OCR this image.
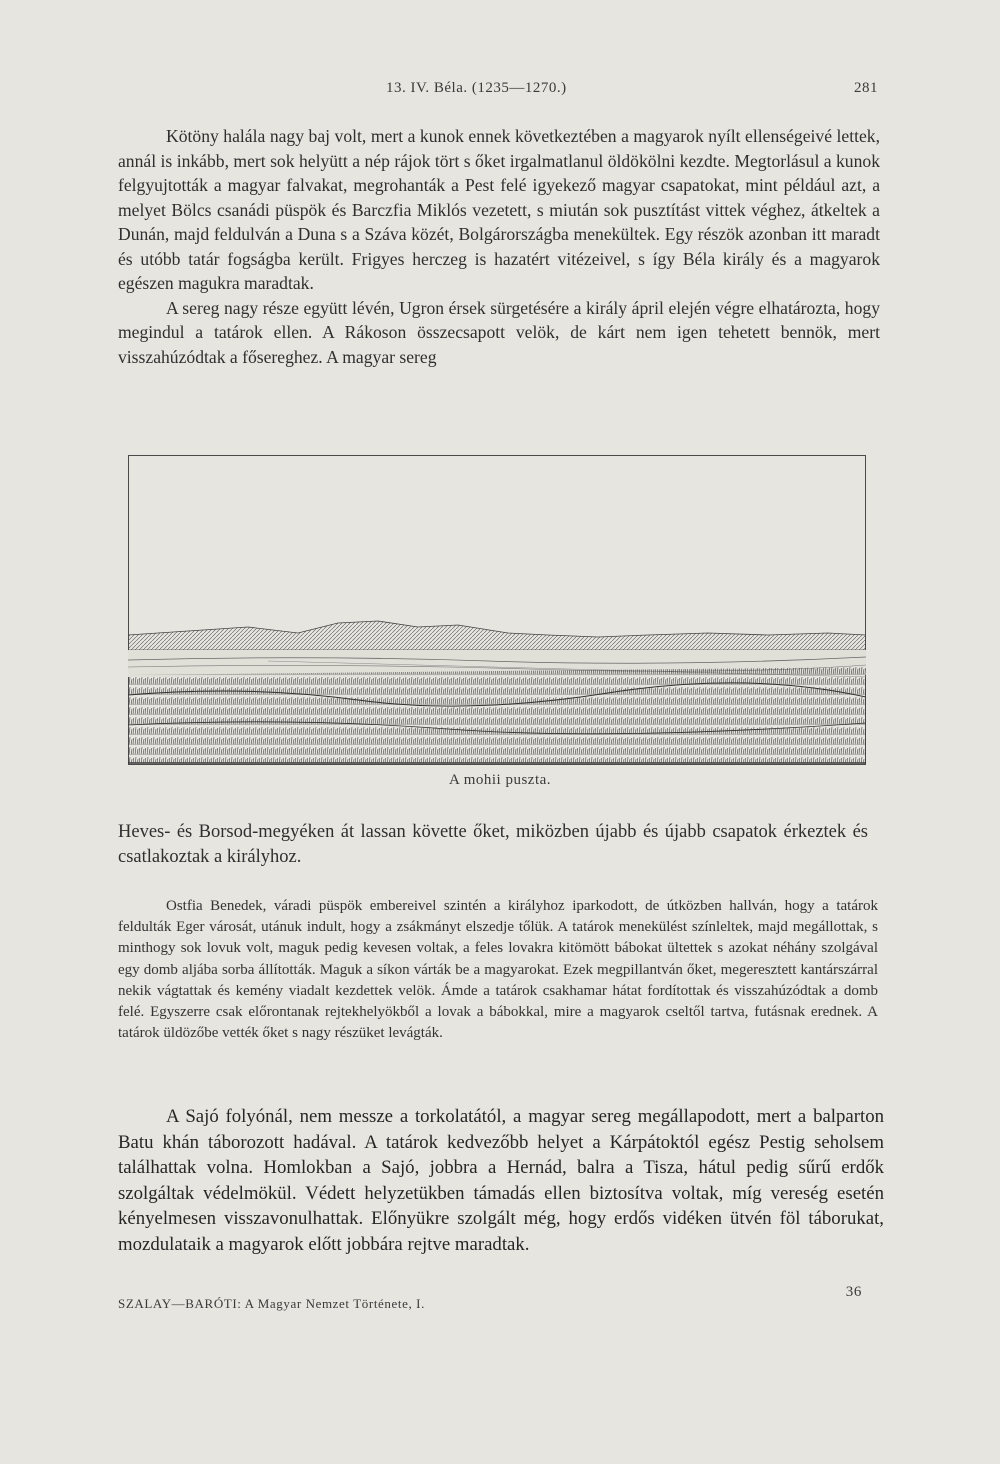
13. IV. Béla. (1235—1270.)	281

Kötöny halála nagy baj volt, mert a kunok ennek következtében a magyarok nyílt ellenségeivé lettek, annál is inkább, mert sok helyütt a nép rájok tört s őket irgalmatlanul öldökölni kezdte. Megtorlásul a kunok felgyujtották a magyar falvakat, megrohanták a Pest felé igyekező magyar csapatokat, mint például azt, a melyet Bölcs csanádi püspök és Barczfia Miklós vezetett, s miután sok pusztítást vittek véghez, átkeltek a Dunán, majd feldulván a Duna s a Száva közét, Bolgárországba menekültek. Egy részök azonban itt maradt és utóbb tatár fogságba került. Frigyes herczeg is hazatért vitézeivel, s így Béla király és a magyarok egészen magukra maradtak.

A sereg nagy része együtt lévén, Ugron érsek sürgetésére a király ápril elején végre elhatározta, hogy megindul a tatárok ellen. A Rákoson összecsapott velök, de kárt nem igen tehetett bennök, mert visszahúzódtak a fősereghez. A magyar sereg

A mohii puszta.

Heves- és Borsod-megyéken át lassan követte őket, miközben újabb és újabb csapatok érkeztek és csatlakoztak a királyhoz.

Ostfia Benedek, váradi püspök embereivel szintén a királyhoz iparkodott, de útközben hallván, hogy a tatárok feldulták Eger városát, utánuk indult, hogy a zsákmányt elszedje tőlük. A tatárok menekülést színleltek, majd megállottak, s minthogy sok lovuk volt, maguk pedig kevesen voltak, a feles lovakra kitömött bábokat ültettek s azokat néhány szolgával egy domb aljába sorba állították. Maguk a síkon várták be a magyarokat. Ezek megpillantván őket, megeresztett kantárszárral nekik vágtattak és kemény viadalt kezdettek velök. Ámde a tatárok csakhamar hátat fordítottak és visszahúzódtak a domb felé. Egyszerre csak előrontanak rejtekhelyökből a lovak a bábokkal, mire a magyarok cseltől tartva, futásnak erednek. A tatárok üldözőbe vették őket s nagy részüket levágták.

A Sajó folyónál, nem messze a torkolatától, a magyar sereg megállapodott, mert a balparton Batu khán táborozott hadával. A tatárok kedvezőbb helyet a Kárpátoktól egész Pestig seholsem találhattak volna. Homlokban a Sajó, jobbra a Hernád, balra a Tisza, hátul pedig sűrű erdők szolgáltak védelmökül. Védett helyzetükben támadás ellen biztosítva voltak, míg vereség esetén kényelmesen visszavonulhattak. Előnyükre szolgált még, hogy erdős vidéken ütvén föl táborukat, mozdulataik a magyarok előtt jobbára rejtve maradtak.

SZALAY—BARÓTI: A Magyar Nemzet Története, I.
36
